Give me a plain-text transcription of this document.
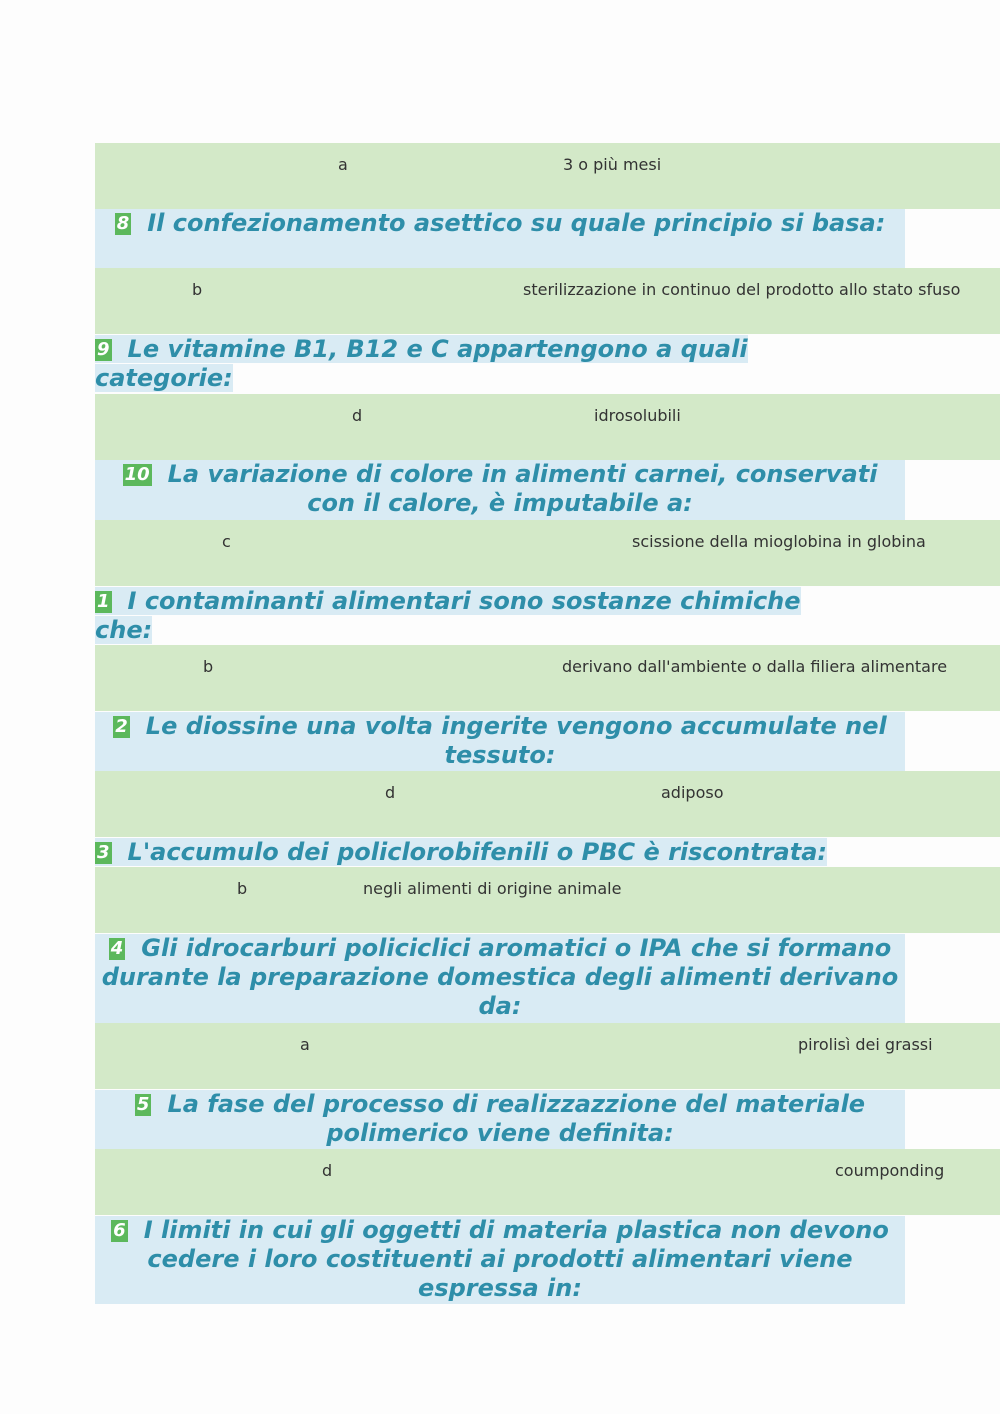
a	3 o più mesi
8 Il confezionamento asettico su quale principio si basa:
b	sterilizzazione in continuo del prodotto allo stato sfuso
9 Le vitamine B1, B12 e C appartengono a quali
categorie:
d	idrosolubili
10 La variazione di colore in alimenti carnei, conservati con il calore, è imputabile a:
c	scissione della mioglobina in globina
1 I contaminanti alimentari sono sostanze chimiche
che:
b	derivano dall'ambiente o dalla filiera alimentare
2 Le diossine una volta ingerite vengono accumulate nel tessuto:
d	adiposo
3 L'accumulo dei policlorobifenili o PBC è riscontrata:
b	negli alimenti di origine animale
4 Gli idrocarburi policiclici aromatici o IPA che si formano durante la preparazione domestica degli alimenti derivano da:
a	pirolisì dei grassi
5 La fase del processo di realizzazzione del materiale polimerico viene definita:
d	coumponding
6 I limiti in cui gli oggetti di materia plastica non devono cedere i loro costituenti ai prodotti alimentari viene espressa in:
